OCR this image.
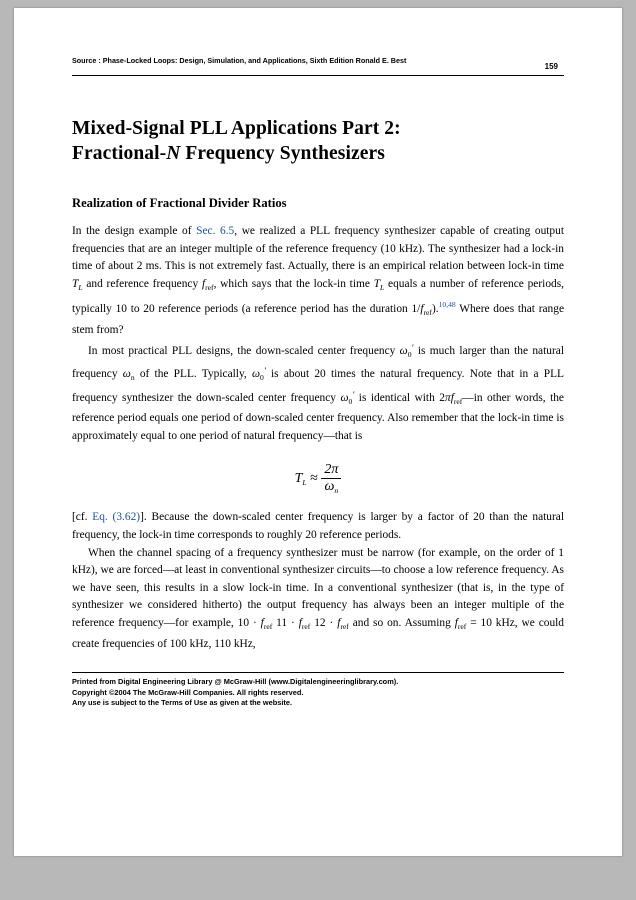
Source : Phase-Locked Loops: Design, Simulation, and Applications, Sixth Edition Ronald E. Best
159
Mixed-Signal PLL Applications Part 2:
Fractional-N Frequency Synthesizers
Realization of Fractional Divider Ratios

In the design example of Sec. 6.5, we realized a PLL frequency synthesizer capable of creating output frequencies that are an integer multiple of the reference frequency (10 kHz). The synthesizer had a lock-in time of about 2 ms. This is not extremely fast. Actually, there is an empirical relation between lock-in time $T_L$ and reference frequency $f_{ref}$, which says that the lock-in time $T_L$ equals a number of reference periods, typically 10 to 20 reference periods (a reference period has the duration $1/f_{ref}).^{10,48}$ Where does that range stem from?

In most practical PLL designs, the down-scaled center frequency $\omega_0'$ is much larger than the natural frequency $\omega_n$ of the PLL. Typically, $\omega_0'$ is about 20 times the natural frequency. Note that in a PLL frequency synthesizer the down-scaled center frequency $\omega_0'$ is identical with $2\pi f_{ref}—in$ other words, the reference period equals one period of down-scaled center frequency. Also remember that the lock-in time is approximately equal to one period of natural frequency—that is

$T_L \approx \frac{2\pi}{\omega_n}$

[cf. Eq. (3.62)]. Because the down-scaled center frequency is larger by a factor of 20 than the natural frequency, the lock-in time corresponds to roughly 20 reference periods.

When the channel spacing of a frequency synthesizer must be narrow (for example, on the order of 1 kHz), we are forced—at least in conventional synthesizer circuits—to choose a low reference frequency. As we have seen, this results in a slow lock-in time. In a conventional synthesizer (that is, in the type of synthesizer we considered hitherto) the output frequency has always been an integer multiple of the reference frequency—for example, $10 \cdot f_{ref}$ $11 \cdot f_{ref}$ $12 \cdot f_{ref}$ and so on. Assuming $f_{ref} = 10$ kHz, we could create frequencies of 100 kHz, 110 kHz,

Printed from Digital Engineering Library @ McGraw-Hill (www.Digitalengineeringlibrary.com).
Copyright ©2004 The McGraw-Hill Companies. All rights reserved.
Any use is subject to the Terms of Use as given at the website.
